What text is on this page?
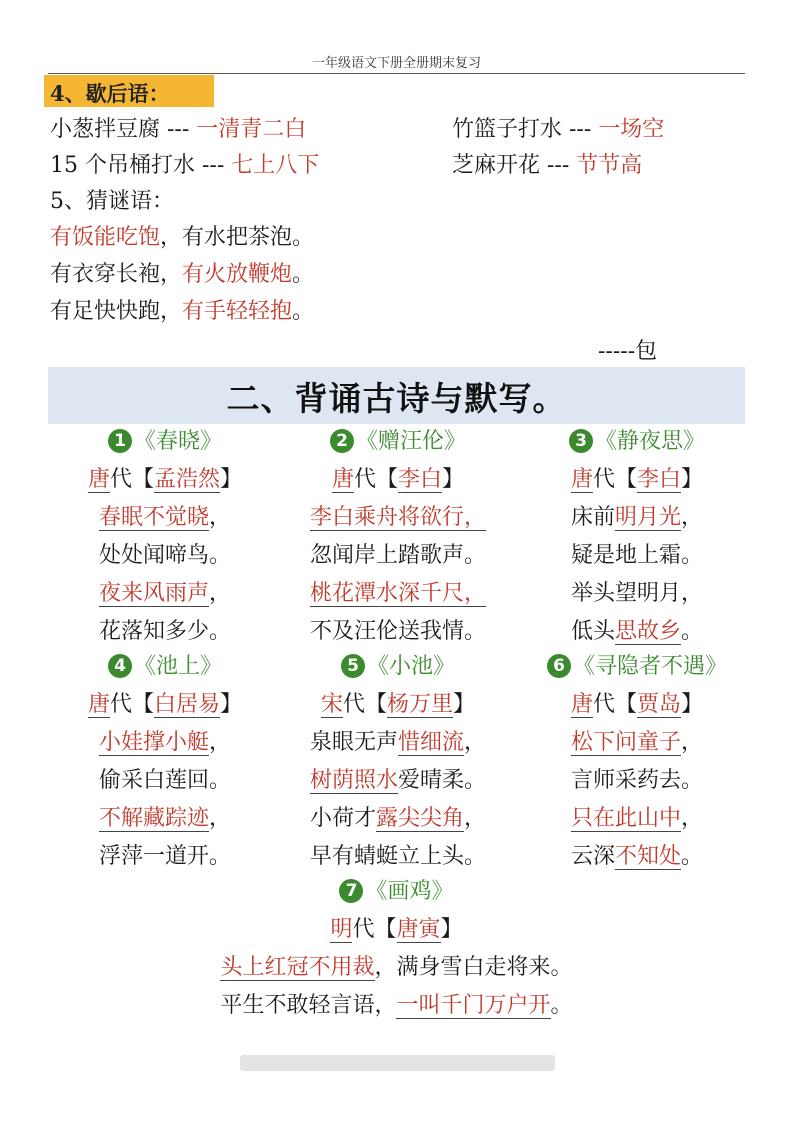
一年级语文下册全册期末复习
4、歇后语：
小葱拌豆腐 --- 一清青二白	竹篮子打水 --- 一场空
15 个吊桶打水 --- 七上八下	芝麻开花 --- 节节高
5、猜谜语：
有饭能吃饱，有水把茶泡。
有衣穿长袍，有火放鞭炮。
有足快快跑，有手轻轻抱。
-----包
二、背诵古诗与默写。
1 《春晓》
唐代【孟浩然】
春眠不觉晓，
处处闻啼鸟。
夜来风雨声，
花落知多少。
2 《赠汪伦》
唐代【李白】
李白乘舟将欲行，
忽闻岸上踏歌声。
桃花潭水深千尺，
不及汪伦送我情。
3 《静夜思》
唐代【李白】
床前明月光，
疑是地上霜。
举头望明月，
低头思故乡。
4 《池上》
唐代【白居易】
小娃撑小艇，
偷采白莲回。
不解藏踪迹，
浮萍一道开。
5 《小池》
宋代【杨万里】
泉眼无声惜细流，
树荫照水爱晴柔。
小荷才露尖尖角，
早有蜻蜓立上头。
6 《寻隐者不遇》
唐代【贾岛】
松下问童子，
言师采药去。
只在此山中，
云深不知处。
7 《画鸡》
明代【唐寅】
头上红冠不用裁，满身雪白走将来。
平生不敢轻言语，一叫千门万户开。
